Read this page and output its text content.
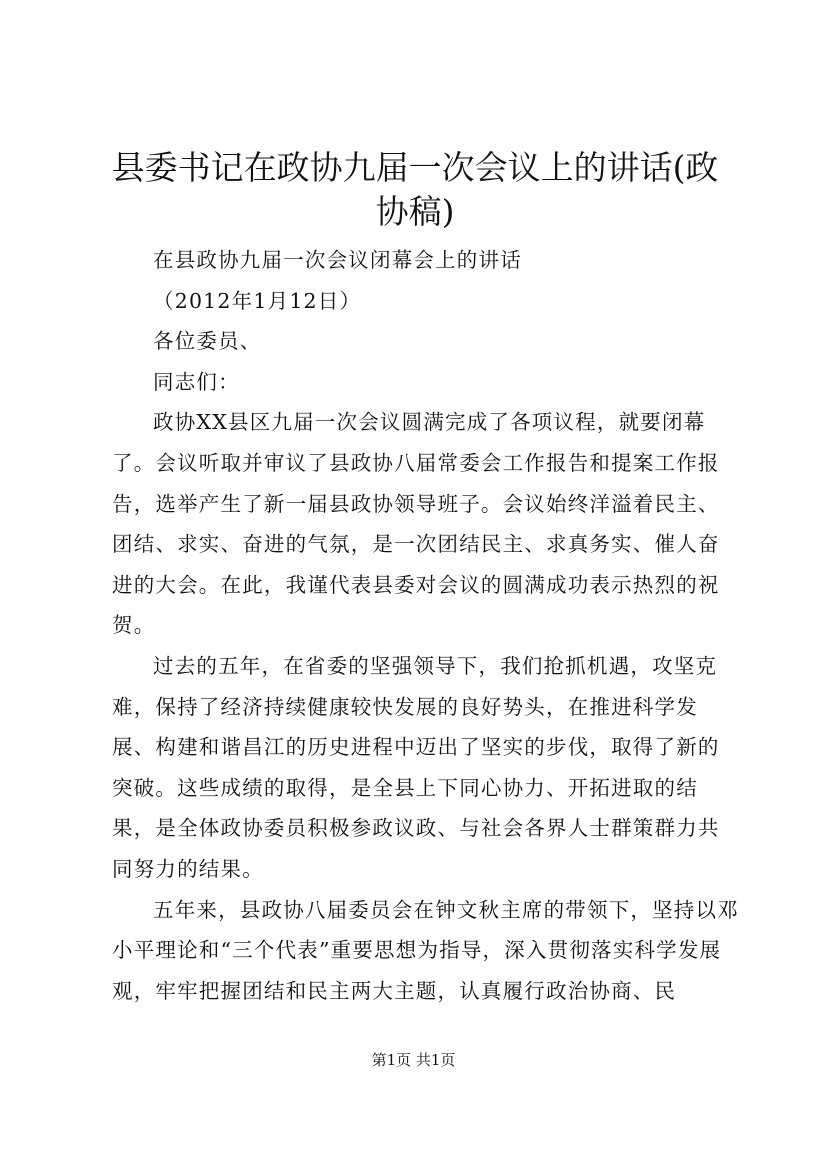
县委书记在政协九届一次会议上的讲话(政协稿)

在县政协九届一次会议闭幕会上的讲话

（2012年1月12日）

各位委员、

同志们：

政协XX县区九届一次会议圆满完成了各项议程，就要闭幕了。会议听取并审议了县政协八届常委会工作报告和提案工作报告，选举产生了新一届县政协领导班子。会议始终洋溢着民主、团结、求实、奋进的气氛，是一次团结民主、求真务实、催人奋进的大会。在此，我谨代表县委对会议的圆满成功表示热烈的祝贺。

过去的五年，在省委的坚强领导下，我们抢抓机遇，攻坚克难，保持了经济持续健康较快发展的良好势头，在推进科学发展、构建和谐昌江的历史进程中迈出了坚实的步伐，取得了新的突破。这些成绩的取得，是全县上下同心协力、开拓进取的结果，是全体政协委员积极参政议政、与社会各界人士群策群力共同努力的结果。

五年来，县政协八届委员会在钟文秋主席的带领下，坚持以邓小平理论和“三个代表”重要思想为指导，深入贯彻落实科学发展观，牢牢把握团结和民主两大主题，认真履行政治协商、民

第1页 共1页
